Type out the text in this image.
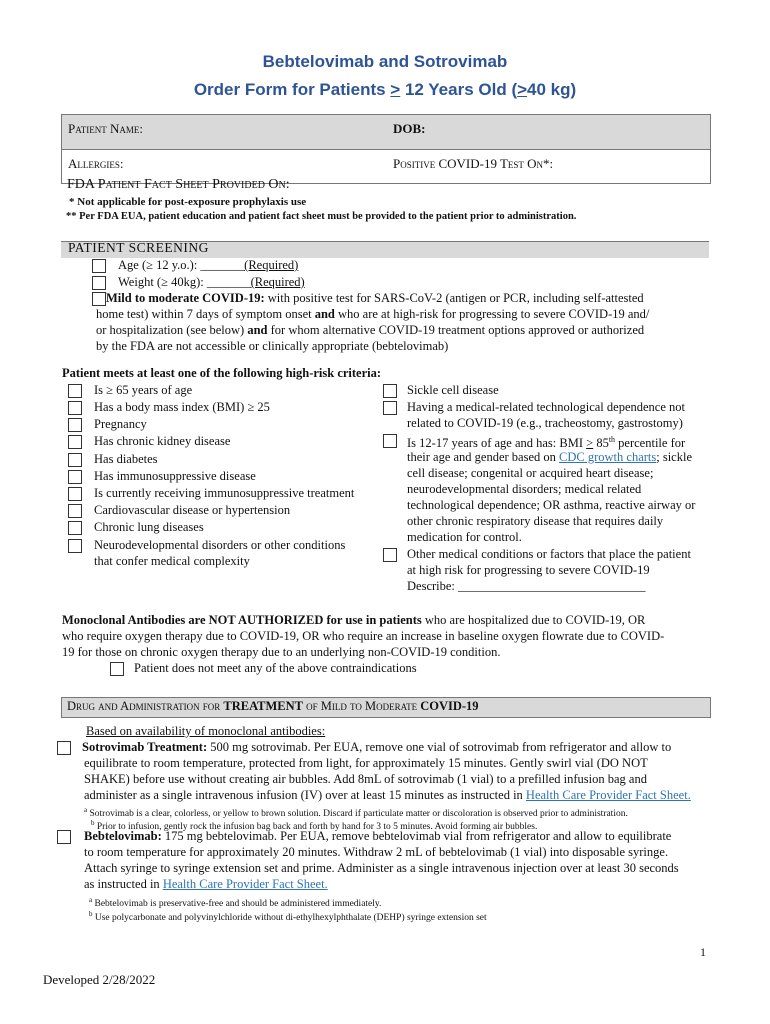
Bebtelovimab and Sotrovimab
Order Form for Patients > 12 Years Old (>40 kg)
Patient Name:	DOB:
Allergies:	Positive COVID-19 Test On*:
FDA Patient Fact Sheet Provided On:
* Not applicable for post-exposure prophylaxis use
** Per FDA EUA, patient education and patient fact sheet must be provided to the patient prior to administration.
PATIENT SCREENING
Age (≥ 12 y.o.): _______(Required)
Weight (≥ 40kg): _______(Required)
Mild to moderate COVID-19: with positive test for SARS-CoV-2 (antigen or PCR, including self-attested
home test) within 7 days of symptom onset and who are at high-risk for progressing to severe COVID-19 and/
or hospitalization (see below) and for whom alternative COVID-19 treatment options approved or authorized
by the FDA are not accessible or clinically appropriate (bebtelovimab)
Patient meets at least one of the following high-risk criteria:
Is ≥ 65 years of age
Has a body mass index (BMI) ≥ 25
Pregnancy
Has chronic kidney disease
Has diabetes
Has immunosuppressive disease
Is currently receiving immunosuppressive treatment
Cardiovascular disease or hypertension
Chronic lung diseases
Neurodevelopmental disorders or other conditions
that confer medical complexity
Sickle cell disease
Having a medical-related technological dependence not
related to COVID-19 (e.g., tracheostomy, gastrostomy)
Is 12-17 years of age and has: BMI > 85th percentile for
their age and gender based on CDC growth charts; sickle
cell disease; congenital or acquired heart disease;
neurodevelopmental disorders; medical related
technological dependence; OR asthma, reactive airway or
other chronic respiratory disease that requires daily
medication for control.
Other medical conditions or factors that place the patient
at high risk for progressing to severe COVID-19
Describe: ______________________________
Monoclonal Antibodies are NOT AUTHORIZED for use in patients who are hospitalized due to COVID-19, OR
who require oxygen therapy due to COVID-19, OR who require an increase in baseline oxygen flowrate due to COVID-
19 for those on chronic oxygen therapy due to an underlying non-COVID-19 condition.
Patient does not meet any of the above contraindications
Drug and Administration for TREATMENT of Mild to Moderate COVID-19
Based on availability of monoclonal antibodies:
Sotrovimab Treatment: 500 mg sotrovimab. Per EUA, remove one vial of sotrovimab from refrigerator and allow to
equilibrate to room temperature, protected from light, for approximately 15 minutes. Gently swirl vial (DO NOT
SHAKE) before use without creating air bubbles. Add 8mL of sotrovimab (1 vial) to a prefilled infusion bag and
administer as a single intravenous infusion (IV) over at least 15 minutes as instructed in Health Care Provider Fact Sheet.
$^a$ Sotrovimab is a clear, colorless, or yellow to brown solution. Discard if particulate matter or discoloration is observed prior to administration.
$^b$ Prior to infusion, gently rock the infusion bag back and forth by hand for 3 to 5 minutes. Avoid forming air bubbles.
Bebtelovimab: 175 mg bebtelovimab. Per EUA, remove bebtelovimab vial from refrigerator and allow to equilibrate
to room temperature for approximately 20 minutes. Withdraw 2 mL of bebtelovimab (1 vial) into disposable syringe.
Attach syringe to syringe extension set and prime. Administer as a single intravenous injection over at least 30 seconds
as instructed in Health Care Provider Fact Sheet.
$^a$ Bebtelovimab is preservative-free and should be administered immediately.
$^b$ Use polycarbonate and polyvinylchloride without di-ethylhexylphthalate (DEHP) syringe extension set
1
Developed 2/28/2022
